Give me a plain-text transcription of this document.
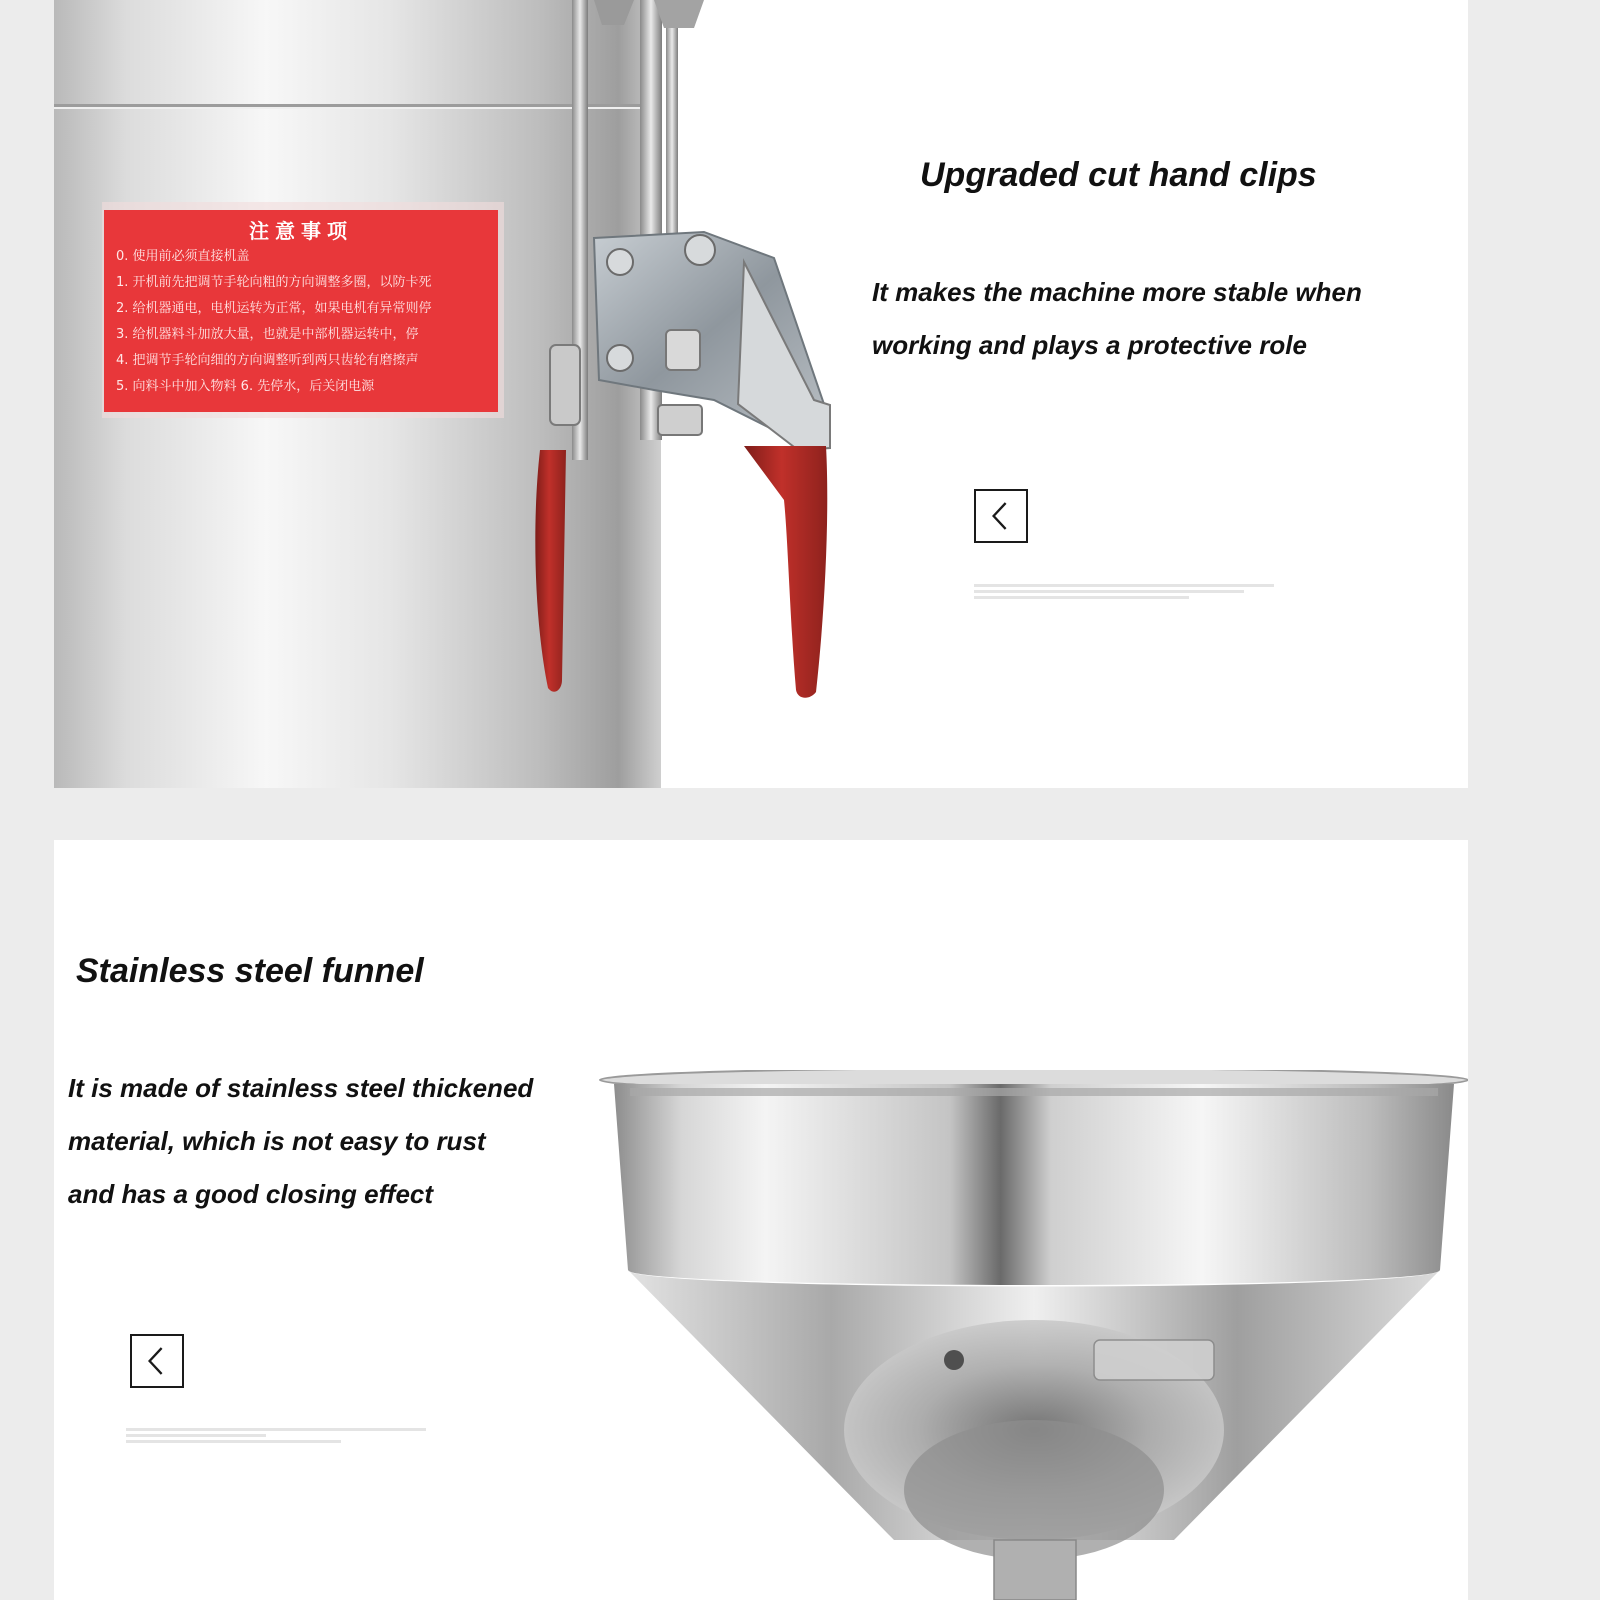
注意事项
0. 使用前必须直接机盖
1. 开机前先把调节手轮向粗的方向调整多圈，以防卡死
2. 给机器通电，电机运转为正常，如果电机有异常则停
3. 给机器料斗加放大量，也就是中部机器运转中，停
4. 把调节手轮向细的方向调整听到两只齿轮有磨擦声
5. 向料斗中加入物料 6. 先停水，后关闭电源
Upgraded cut hand clips

It makes the machine more stable when
working and plays a protective role

Stainless steel funnel

It is made of stainless steel thickened
material, which is not easy to rust
and has a good closing effect
